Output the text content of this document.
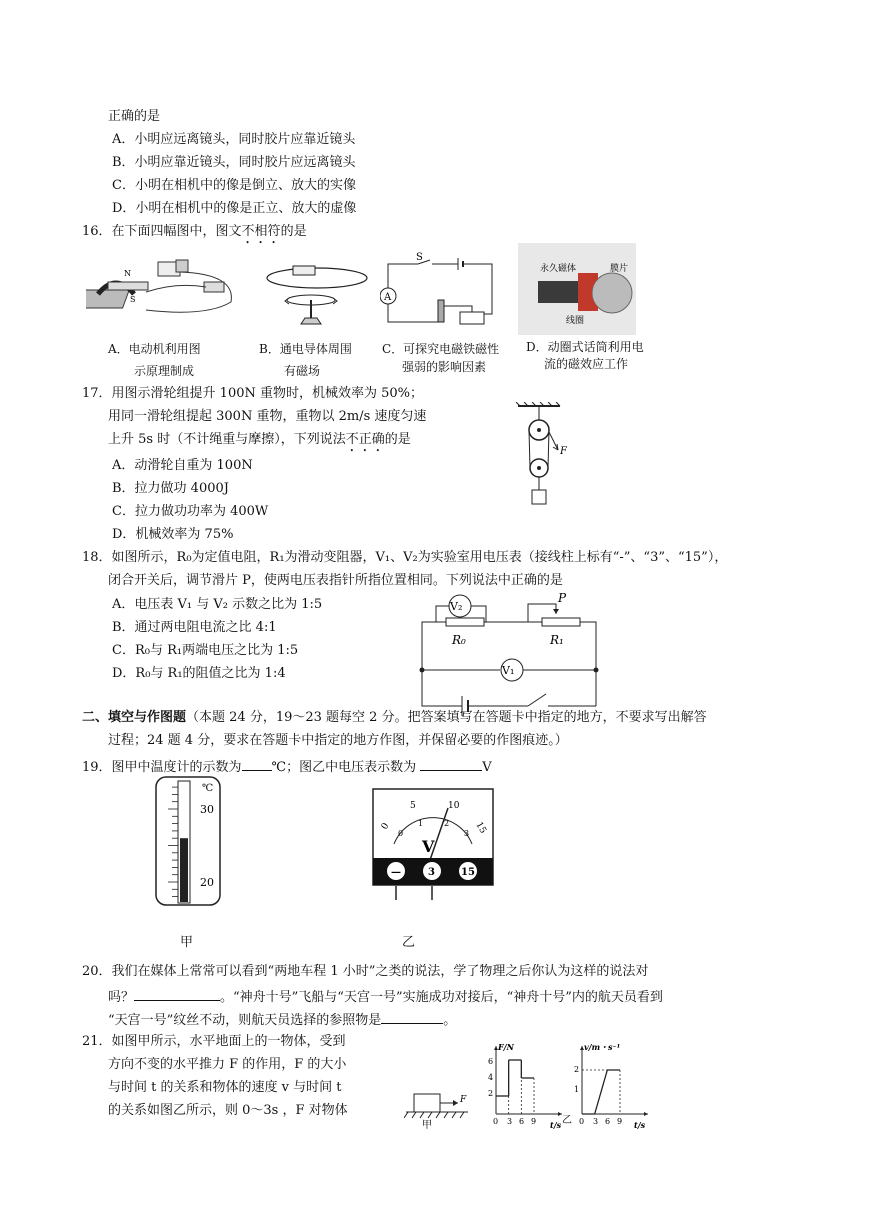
正确的是
A．小明应远离镜头，同时胶片应靠近镜头
B．小明应靠近镜头，同时胶片应远离镜头
C．小明在相机中的像是倒立、放大的实像
D．小明在相机中的像是正立、放大的虚像
16．在下面四幅图中，图文不相符的是
N
S
S
A
永久磁体	膜片
线圈
A．电动机利用图
示原理制成
B．通电导体周围
有磁场
C．可探究电磁铁磁性
强弱的影响因素
D．动圈式话筒利用电
流的磁效应工作
17．用图示滑轮组提升 100N 重物时，机械效率为 50%；
用同一滑轮组提起 300N 重物，重物以 2m/s 速度匀速
上升 5s 时（不计绳重与摩擦），下列说法不正确的是
A．动滑轮自重为 100N
B．拉力做功 4000J
C．拉力做功功率为 400W
D．机械效率为 75%
F
18．如图所示，R₀为定值电阻，R₁为滑动变阻器，V₁、V₂为实验室用电压表（接线柱上标有“-”、“3”、“15”），
闭合开关后，调节滑片 P，使两电压表指针所指位置相同。下列说法中正确的是
A．电压表 V₁ 与 V₂ 示数之比为 1:5
B．通过两电阻电流之比 4:1
C．R₀与 R₁两端电压之比为 1:5
D．R₀与 R₁的阻值之比为 1:4
V₂
R₀
P
R₁
V₁
二、填空与作图题（本题 24 分，19～23 题每空 2 分。把答案填写在答题卡中指定的地方，不要求写出解答
过程；24 题 4 分，要求在答题卡中指定的地方作图，并保留必要的作图痕迹。）
19．图甲中温度计的示数为 ℃；图乙中电压表示数为	V
℃
30
20
0
5	10
15
0
1	2
3
V
—	3	15
甲	乙
20．我们在媒体上常常可以看到“两地车程 1 小时”之类的说法，学了物理之后你认为这样的说法对
吗？	。“神舟十号”飞船与“天宫一号”实施成功对接后，“神舟十号”内的航天员看到
“天宫一号”纹丝不动，则航天员选择的参照物是	。
21．如图甲所示，水平地面上的一物体，受到
方向不变的水平推力 F 的作用，F 的大小
与时间 t 的关系和物体的速度 v 与时间 t
的关系如图乙所示，则 0～3s ，F 对物体
F
甲
F/N
t/s
2
4
6
0 3 6 9
v/m・s⁻¹
t/s
1
2
0 3 6 9
乙
